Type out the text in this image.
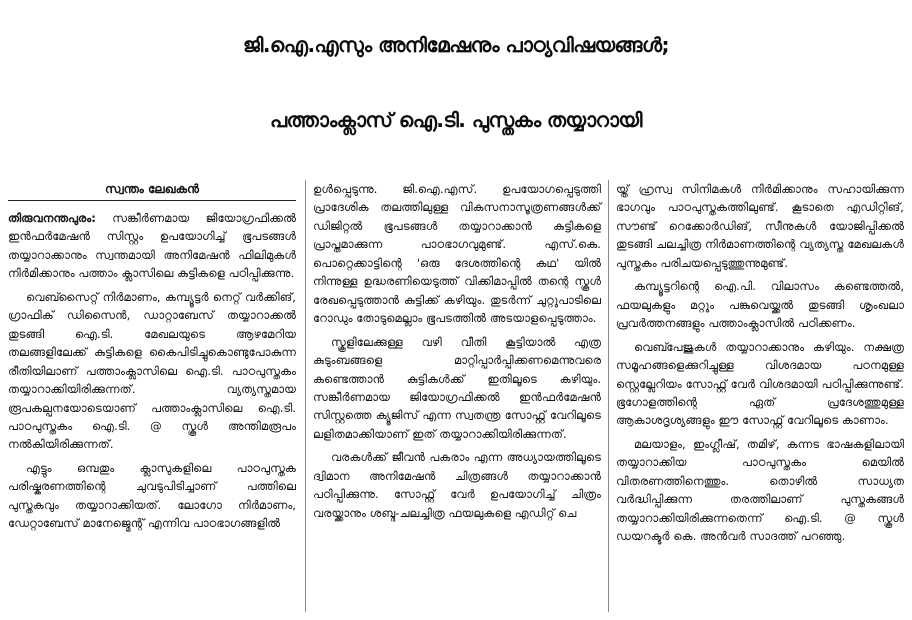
ജി.ഐ.എസും അനിമേഷനും പാഠ്യവിഷയങ്ങൾ;
പത്താംക്ലാസ് ഐ.ടി. പുസ്തകം തയ്യാറായി
സ്വന്തം ലേഖകൻ

തിരുവനന്തപുരം: സങ്കീർണമായ ജിയോഗ്രഫിക്കൽ ഇൻഫർമേഷൻ സിസ്റ്റം ഉപയോഗിച്ച് ഭൂപടങ്ങൾ തയ്യാറാക്കാനും സ്വന്തമായി അനിമേഷൻ ഫിലിമുകൾ നിർമിക്കാനും പത്താം ക്ലാസിലെ കുട്ടികളെ പഠിപ്പിക്കുന്നു.

വെബ്സൈറ്റ് നിർമാണം, കമ്പ്യൂട്ടർ നെറ്റ് വർക്കിങ്, ഗ്രാഫിക് ഡിസൈൻ, ഡാറ്റാബേസ് തയ്യാറാക്കൽ തുടങ്ങി ഐ.ടി. മേഖലയുടെ ആഴമേറിയ തലങ്ങളിലേക്ക് കുട്ടികളെ കൈപിടിച്ചുകൊണ്ടുപോകുന്ന രീതിയിലാണ് പത്താംക്ലാസിലെ ഐ.ടി. പാഠപുസ്തകം തയ്യാറാക്കിയിരിക്കുന്നത്. വ്യത്യസ്തമായ രൂപകല്പനയോടെയാണ് പത്താംക്ലാസിലെ ഐ.ടി. പാഠപുസ്തകം ഐ.ടി. @ സ്കൂൾ അന്തിമരൂപം നൽകിയിരിക്കുന്നത്.

എട്ടും ഒമ്പതും ക്ലാസുകളിലെ പാഠപുസ്തക പരിഷ്കരണത്തിന്റെ ചുവടുപിടിച്ചാണ് പത്തിലെ പുസ്തകവും തയ്യാറാക്കിയത്. ലോഗോ നിർമാണം, ഡേറ്റാബേസ് മാനേജ്മെന്റ് എന്നിവ പാഠഭാഗങ്ങളിൽ

ഉൾപ്പെടുന്നു. ജി.ഐ.എസ്. ഉപയോഗപ്പെടുത്തി പ്രാദേശിക തലത്തിലുള്ള വികസനാസൂത്രണങ്ങൾക്ക് ഡിജിറ്റൽ ഭൂപടങ്ങൾ തയ്യാറാക്കാൻ കുട്ടികളെ പ്രാപ്തമാക്കുന്ന പാഠഭാഗവുമുണ്ട്. എസ്.കെ. പൊറ്റെക്കാട്ടിന്റെ 'ഒരു ദേശത്തിന്റെ കഥ' യിൽ നിന്നുള്ള ഉദ്ധരണിയെടുത്ത് വിക്കിമാപ്പിൽ തന്റെ സ്കൂൾ രേഖപ്പെടുത്താൻ കുട്ടിക്ക് കഴിയും. തുടർന്ന് ചുറ്റുപാടിലെ റോഡും തോടുമെല്ലാം ഭൂപടത്തിൽ അടയാളപ്പെടുത്താം.

സ്കൂളിലേക്കുള്ള വഴി വീതി കൂട്ടിയാൽ എത്ര കുടുംബങ്ങളെ മാറ്റിപ്പാർപ്പിക്കണമെന്നുവരെ കണ്ടെത്താൻ കുട്ടികൾക്ക് ഇതിലൂടെ കഴിയും. സങ്കീർണമായ ജിയോഗ്രഫിക്കൽ ഇൻഫർമേഷൻ സിസ്റ്റത്തെ ക്യൂജിസ് എന്ന സ്വതന്ത്ര സോഫ്റ്റ് വേറിലൂടെ ലളിതമാക്കിയാണ് ഇത് തയ്യാറാക്കിയിരിക്കുന്നത്.

വരകൾക്ക് ജീവൻ പകരാം എന്ന അധ്യായത്തിലൂടെ ദ്വിമാന അനിമേഷൻ ചിത്രങ്ങൾ തയ്യാറാക്കാൻ പഠിപ്പിക്കുന്നു. സോഫ്റ്റ് വേർ ഉപയോഗിച്ച് ചിത്രം വരയ്ക്കാനും ശബ്ദ-ചലച്ചിത്ര ഫയലുകളെ എഡിറ്റ് ചെ

യ്ത് ഹ്രസ്വ സിനിമകൾ നിർമിക്കാനും സഹായിക്കുന്ന ഭാഗവും പാഠപുസ്തകത്തിലുണ്ട്. കൂടാതെ എഡിറ്റിങ്, സൗണ്ട് റെക്കോർഡിങ്, സീനുകൾ യോജിപ്പിക്കൽ തുടങ്ങി ചലച്ചിത്ര നിർമാണത്തിന്റെ വ്യത്യസ്ത മേഖലകൾ പുസ്തകം പരിചയപ്പെടുത്തുന്നുമുണ്ട്.

കമ്പ്യൂട്ടറിന്റെ ഐ.പി. വിലാസം കണ്ടെത്തൽ, ഫയലുകളും മറ്റും പങ്കുവെയ്ക്കൽ തുടങ്ങി ശൃംഖലാ പ്രവർത്തനങ്ങളും പത്താംക്ലാസിൽ പഠിക്കണം.

വെബ്പേജുകൾ തയ്യാറാക്കാനും കഴിയും. നക്ഷത്ര സമൂഹങ്ങളെക്കുറിച്ചുള്ള വിശദമായ പഠനമുള്ള സ്റ്റെല്ലേറിയം സോഫ്റ്റ് വേർ വിശദമായി പഠിപ്പിക്കുന്നുണ്ട്. ഭൂഗോളത്തിന്റെ ഏത് പ്രദേശത്തുമുള്ള ആകാശദൃശ്യങ്ങളും ഈ സോഫ്റ്റ് വേറിലൂടെ കാണാം.

മലയാളം, ഇംഗ്ലീഷ്, തമിഴ്, കന്നട ഭാഷകളിലായി തയ്യാറാക്കിയ പാഠപുസ്തകം മെയിൽ വിതരണത്തിനെത്തും. തൊഴിൽ സാധ്യത വർദ്ധിപ്പിക്കുന്ന തരത്തിലാണ് പുസ്തകങ്ങൾ തയ്യാറാക്കിയിരിക്കുന്നതെന്ന് ഐ.ടി. @ സ്കൂൾ ഡയറക്ടർ കെ. അൻവർ സാദത്ത് പറഞ്ഞു.
